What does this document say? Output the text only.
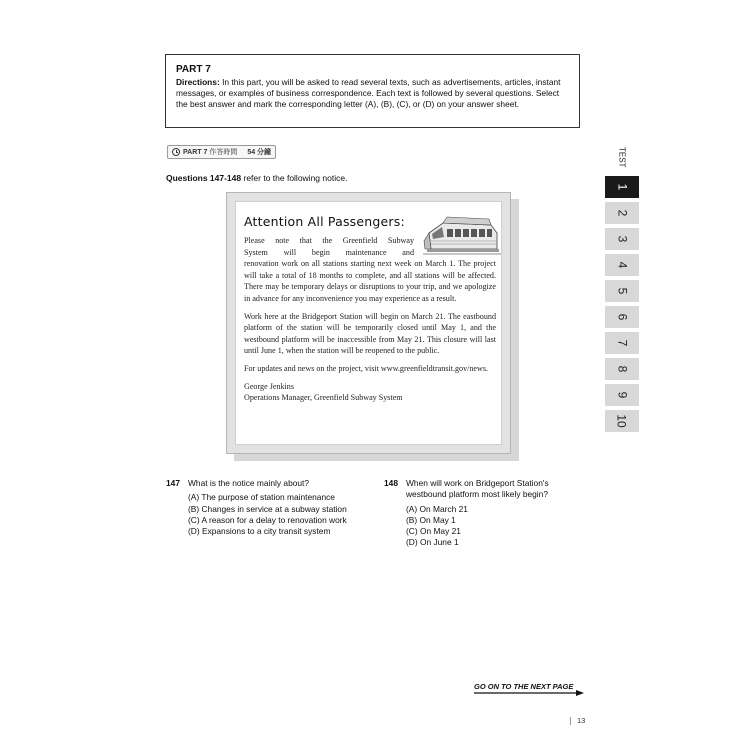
PART 7
Directions: In this part, you will be asked to read several texts, such as advertisements, articles, instant messages, or examples of business correspondence. Each text is followed by several questions. Select the best answer and mark the corresponding letter (A), (B), (C), or (D) on your answer sheet.
PART 7 作答時間 54 分鐘
Questions 147-148 refer to the following notice.
Attention All Passengers:

Please note that the Greenfield Subway
System will begin maintenance and
renovation work on all stations starting next week on March 1. The project will take a total of 18 months to complete, and all stations will be affected. There may be temporary delays or disruptions to your trip, and we apologize in advance for any inconvenience you may experience as a result.

Work here at the Bridgeport Station will begin on March 21. The eastbound platform of the station will be temporarily closed until May 1, and the westbound platform will be inaccessible from May 21. This closure will last until June 1, when the station will be reopened to the public.

For updates and news on the project, visit www.greenfieldtransit.gov/news.

George Jenkins
Operations Manager, Greenfield Subway System
147 What is the notice mainly about?
(A) The purpose of station maintenance
(B) Changes in service at a subway station
(C) A reason for a delay to renovation work
(D) Expansions to a city transit system
148 When will work on Bridgeport Station's westbound platform most likely begin?
(A) On March 21
(B) On May 1
(C) On May 21
(D) On June 1
TEST
1
2
3
4
5
6
7
8
9
10
GO ON TO THE NEXT PAGE
13
